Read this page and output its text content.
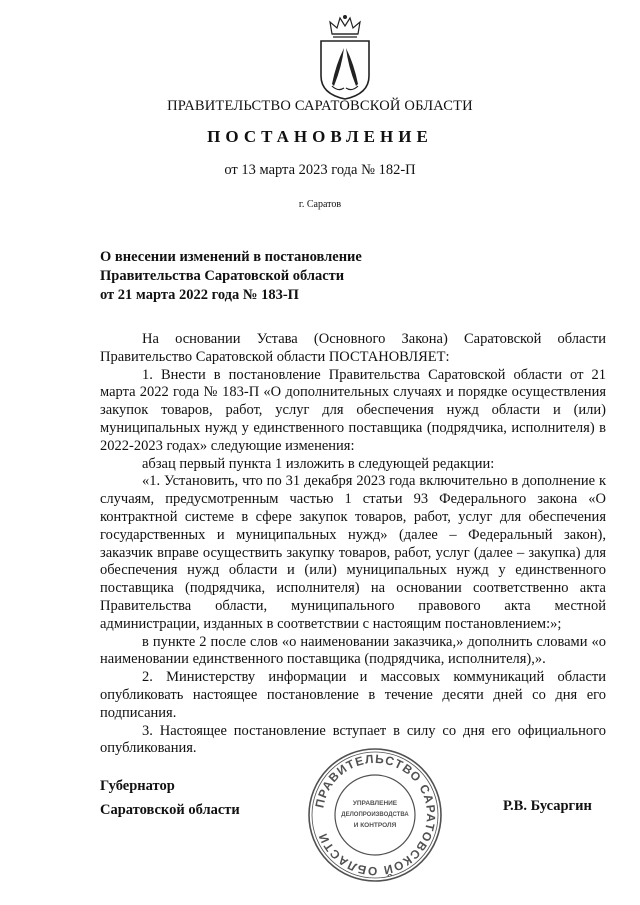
ПРАВИТЕЛЬСТВО САРАТОВСКОЙ ОБЛАСТИ
ПОСТАНОВЛЕНИЕ
от 13 марта 2023 года № 182-П
г. Саратов
О внесении изменений в постановление
Правительства Саратовской области
от 21 марта 2022 года № 183-П

На основании Устава (Основного Закона) Саратовской области Правительство Саратовской области ПОСТАНОВЛЯЕТ:

1. Внести в постановление Правительства Саратовской области от 21 марта 2022 года № 183-П «О дополнительных случаях и порядке осуществления закупок товаров, работ, услуг для обеспечения нужд области и (или) муниципальных нужд у единственного поставщика (подрядчика, исполнителя) в 2022-2023 годах» следующие изменения:

абзац первый пункта 1 изложить в следующей редакции:

«1. Установить, что по 31 декабря 2023 года включительно в дополнение к случаям, предусмотренным частью 1 статьи 93 Федерального закона «О контрактной системе в сфере закупок товаров, работ, услуг для обеспечения государственных и муниципальных нужд» (далее – Федеральный закон), заказчик вправе осуществить закупку товаров, работ, услуг (далее – закупка) для обеспечения нужд области и (или) муниципальных нужд у единственного поставщика (подрядчика, исполнителя) на основании соответственно акта Правительства области, муниципального правового акта местной администрации, изданных в соответствии с настоящим постановлением:»;

в пункте 2 после слов «о наименовании заказчика,» дополнить словами «о наименовании единственного поставщика (подрядчика, исполнителя),».

2. Министерству информации и массовых коммуникаций области опубликовать настоящее постановление в течение десяти дней со дня его подписания.

3. Настоящее постановление вступает в силу со дня его официального опубликования.

Губернатор
Саратовской области	ПРАВИТЕЛЬСТВО САРАТОВСКОЙ ОБЛАСТИ
УПРАВЛЕНИЕ
ДЕЛОПРОИЗВОДСТВА
И КОНТРОЛЯ
Р.В. Бусаргин
